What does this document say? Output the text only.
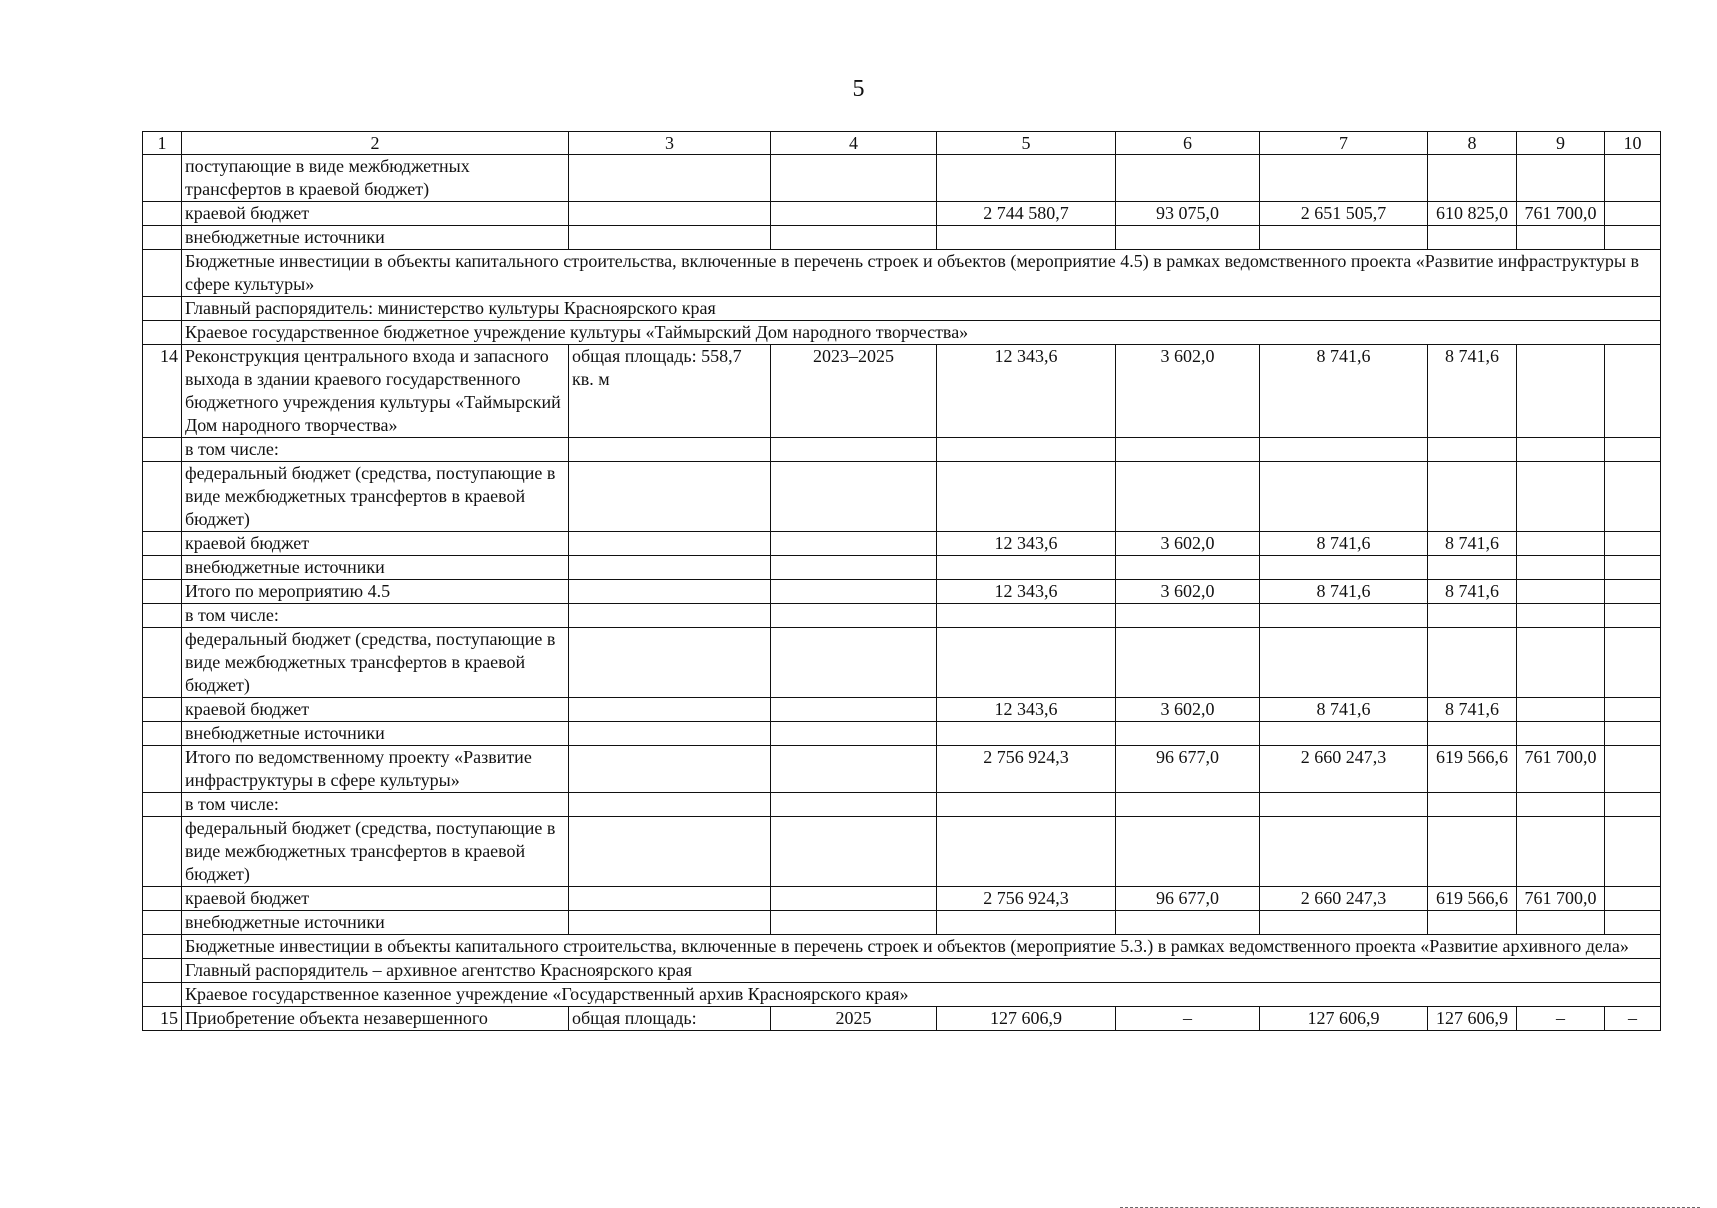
5
1	2	3	4	5	6	7	8	9	10
	поступающие в виде межбюджетных трансфертов в краевой бюджет)								
	краевой бюджет			2 744 580,7	93 075,0	2 651 505,7	610 825,0	761 700,0	
	внебюджетные источники								
	Бюджетные инвестиции в объекты капитального строительства, включенные в перечень строек и объектов (мероприятие 4.5) в рамках ведомственного проекта «Развитие инфраструктуры в сфере культуры»								
	Главный распорядитель: министерство культуры Красноярского края								
	Краевое государственное бюджетное учреждение культуры «Таймырский Дом народного творчества»								
14	Реконструкция центрального входа и запасного выхода в здании краевого государственного бюджетного учреждения культуры «Таймырский Дом народного творчества»	общая площадь: 558,7 кв. м	2023–2025	12 343,6	3 602,0	8 741,6	8 741,6		
	в том числе:								
	федеральный бюджет (средства, поступающие в виде межбюджетных трансфертов в краевой бюджет)								
	краевой бюджет			12 343,6	3 602,0	8 741,6	8 741,6		
	внебюджетные источники								
	Итого по мероприятию 4.5			12 343,6	3 602,0	8 741,6	8 741,6		
	в том числе:								
	федеральный бюджет (средства, поступающие в виде межбюджетных трансфертов в краевой бюджет)								
	краевой бюджет			12 343,6	3 602,0	8 741,6	8 741,6		
	внебюджетные источники								
	Итого по ведомственному проекту «Развитие инфраструктуры в сфере культуры»			2 756 924,3	96 677,0	2 660 247,3	619 566,6	761 700,0	
	в том числе:								
	федеральный бюджет (средства, поступающие в виде межбюджетных трансфертов в краевой бюджет)								
	краевой бюджет			2 756 924,3	96 677,0	2 660 247,3	619 566,6	761 700,0	
	внебюджетные источники								
	Бюджетные инвестиции в объекты капитального строительства, включенные в перечень строек и объектов (мероприятие 5.3.) в рамках ведомственного проекта «Развитие архивного дела»								
	Главный распорядитель – архивное агентство Красноярского края								
	Краевое государственное казенное учреждение «Государственный архив Красноярского края»								
15	Приобретение объекта незавершенного	общая площадь:	2025	127 606,9	–	127 606,9	127 606,9	–	–
